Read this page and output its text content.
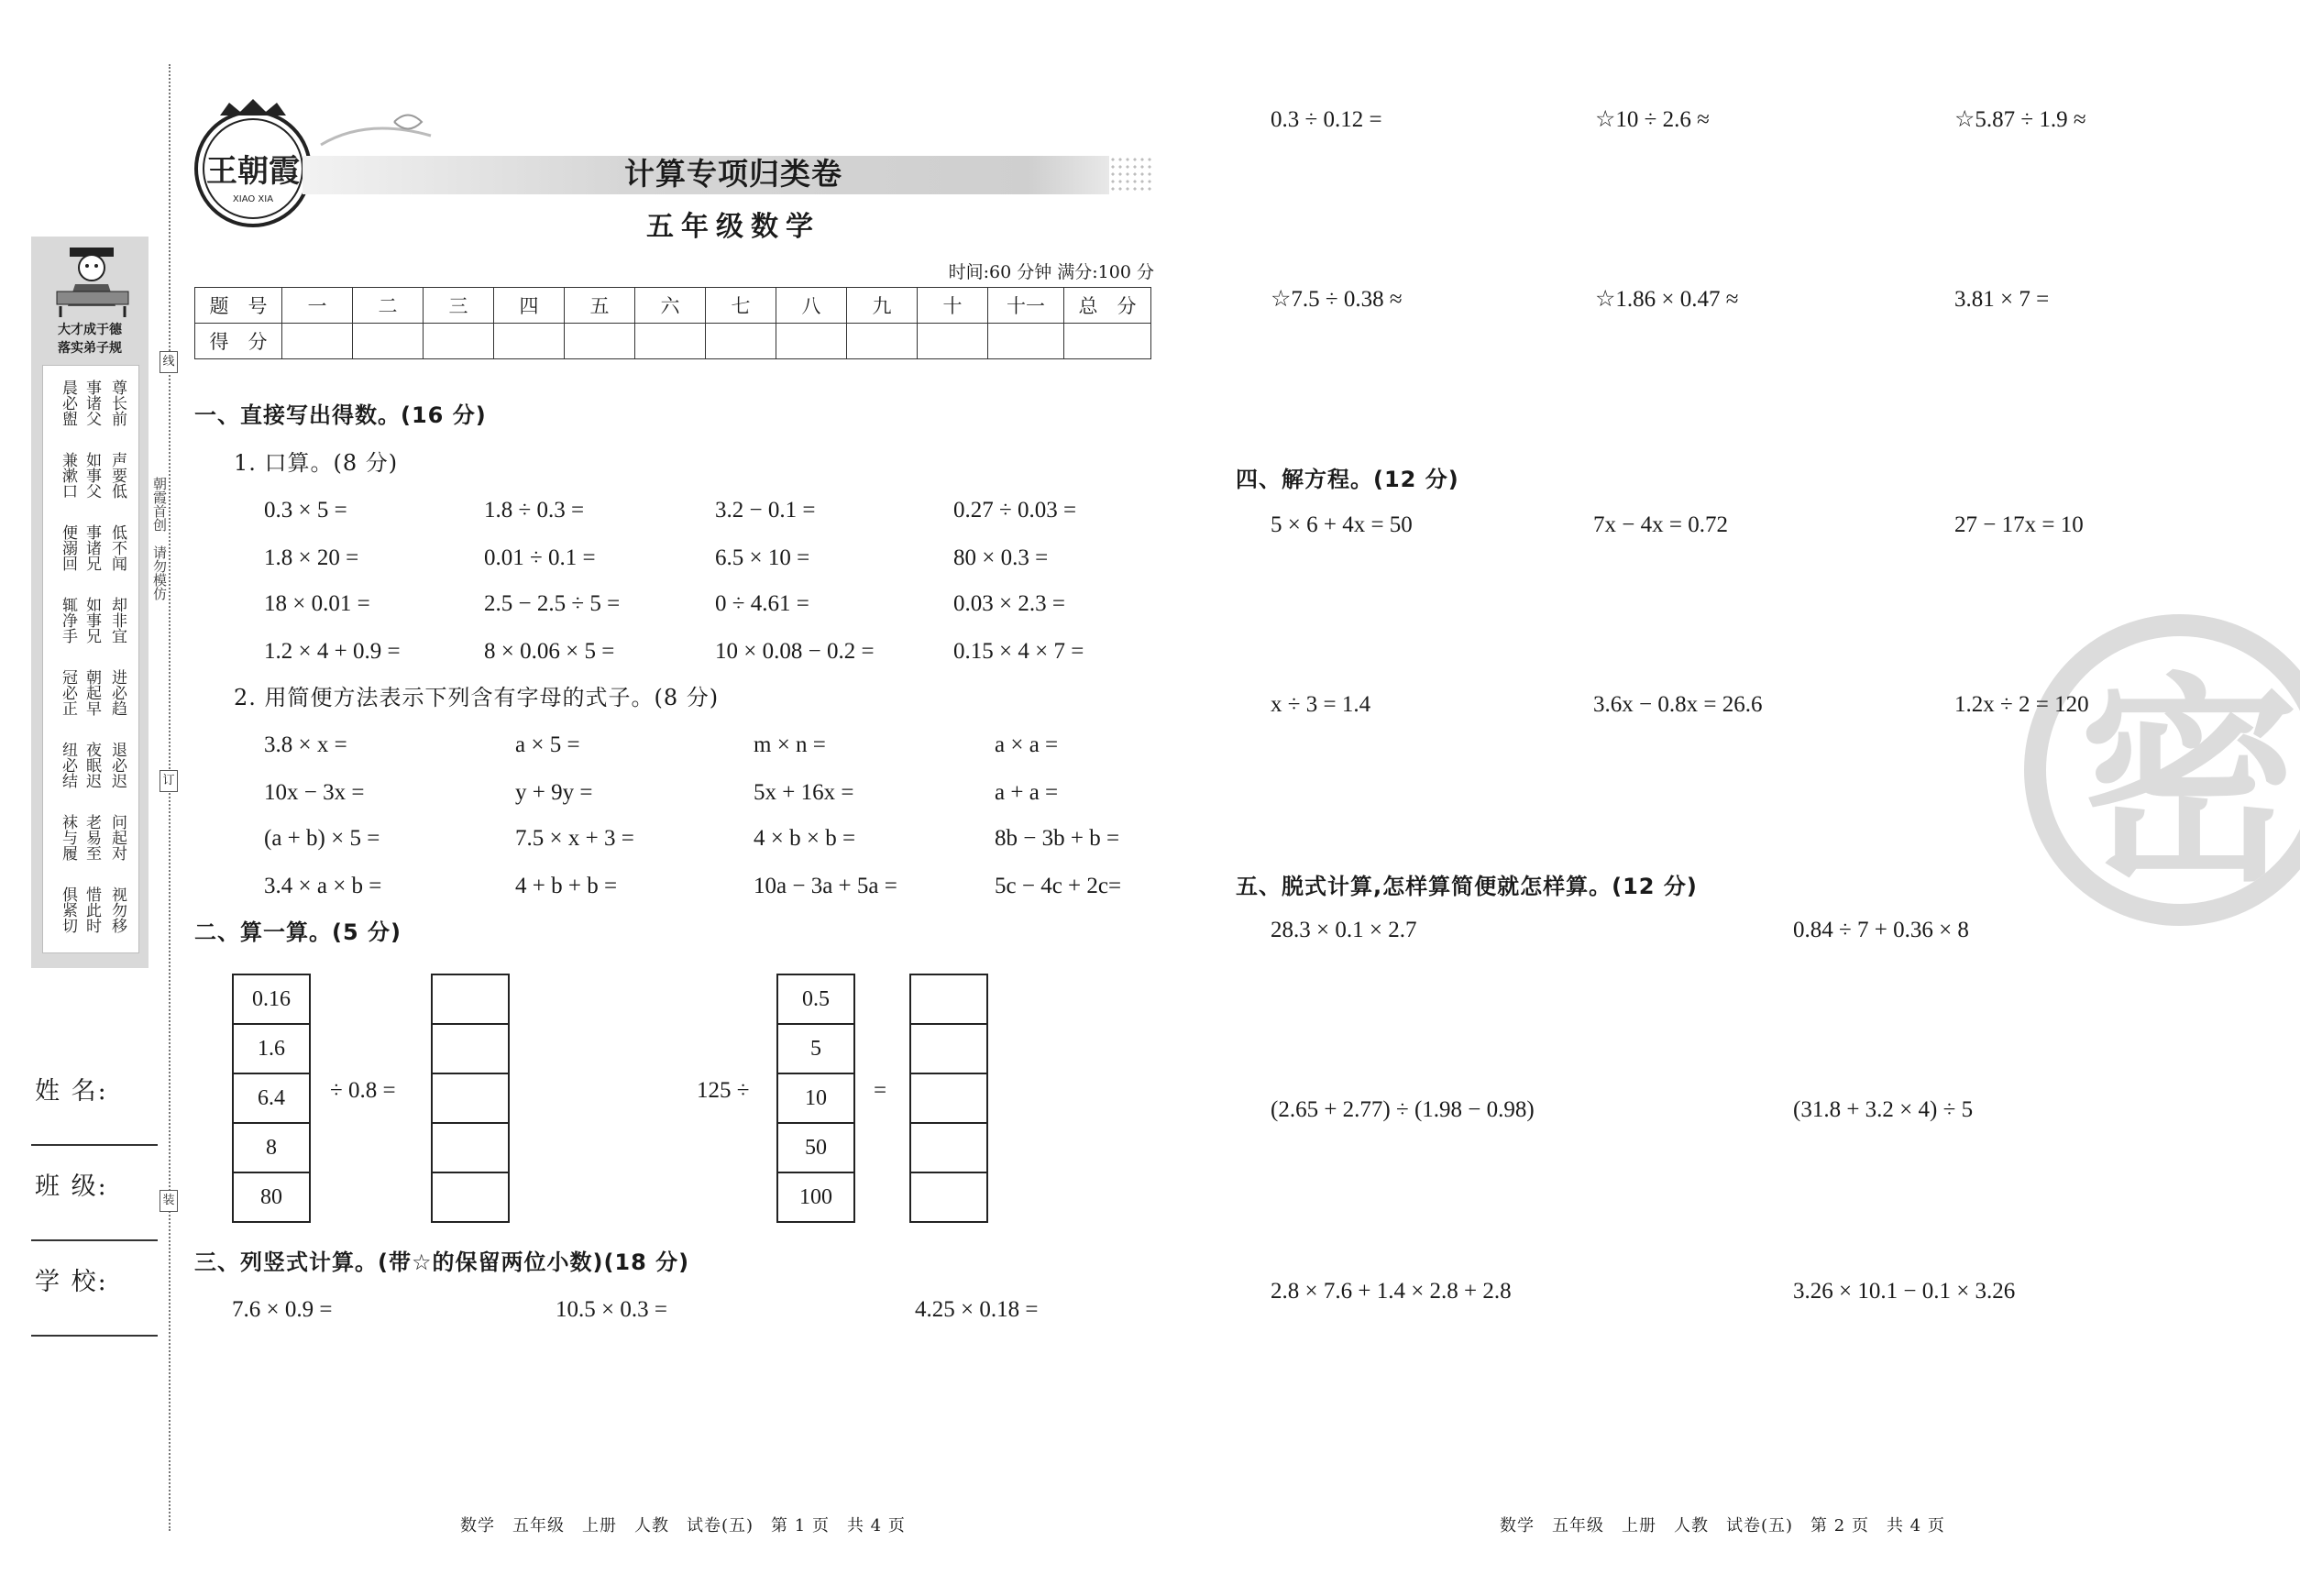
大才成于德
落实弟子规
晨必盥 事诸父 尊长前
兼漱口 如事父 声要低
便溺回 事诸兄 低不闻
辄净手 如事兄 却非宜
冠必正 朝起早 进必趋
纽必结 夜眠迟 退必迟
袜与履 老易至 问起对
俱紧切 惜此时 视勿移
朝霞首创　请勿模仿
线
订
装
姓 名:
班 级:
学 校:
王朝霞
XIAO XIA
计算专项归类卷
五年级数学
时间:60 分钟 满分:100 分
题　号	一	二	三	四	五	六	七	八	九	十	十一	总　分
得　分												
一、直接写出得数。(16 分)
1. 口算。(8 分)
0.3 × 5 =	1.8 ÷ 0.3 =	3.2 − 0.1 =	0.27 ÷ 0.03 =
1.8 × 20 =	0.01 ÷ 0.1 =	6.5 × 10 =	80 × 0.3 =
18 × 0.01 =	2.5 − 2.5 ÷ 5 =	0 ÷ 4.61 =	0.03 × 2.3 =
1.2 × 4 + 0.9 =	8 × 0.06 × 5 =	10 × 0.08 − 0.2 =	0.15 × 4 × 7 =
2. 用简便方法表示下列含有字母的式子。(8 分)
3.8 × x =	a × 5 =	m × n =	a × a =
10x − 3x =	y + 9y =	5x + 16x =	a + a =
(a + b) × 5 =	7.5 × x + 3 =	4 × b × b =	8b − 3b + b =
3.4 × a × b =	4 + b + b =	10a − 3a + 5a =	5c − 4c + 2c=
二、算一算。(5 分)
0.16
1.6
6.4
8
80
÷ 0.8 =	125 ÷
0.5
5
10
50
100
=

三、列竖式计算。(带☆的保留两位小数)(18 分)
7.6 × 0.9 =	10.5 × 0.3 =	4.25 × 0.18 =
0.3 ÷ 0.12 =	☆10 ÷ 2.6 ≈	☆5.87 ÷ 1.9 ≈
☆7.5 ÷ 0.38 ≈	☆1.86 × 0.47 ≈	3.81 × 7 =
密
四、解方程。(12 分)
5 × 6 + 4x = 50	7x − 4x = 0.72	27 − 17x = 10
x ÷ 3 = 1.4	3.6x − 0.8x = 26.6	1.2x ÷ 2 = 120
五、脱式计算,怎样算简便就怎样算。(12 分)
28.3 × 0.1 × 2.7	0.84 ÷ 7 + 0.36 × 8
(2.65 + 2.77) ÷ (1.98 − 0.98)	(31.8 + 3.2 × 4) ÷ 5
2.8 × 7.6 + 1.4 × 2.8 + 2.8	3.26 × 10.1 − 0.1 × 3.26
数学　五年级　上册　人教　试卷(五)　第 1 页　共 4 页	数学　五年级　上册　人教　试卷(五)　第 2 页　共 4 页
